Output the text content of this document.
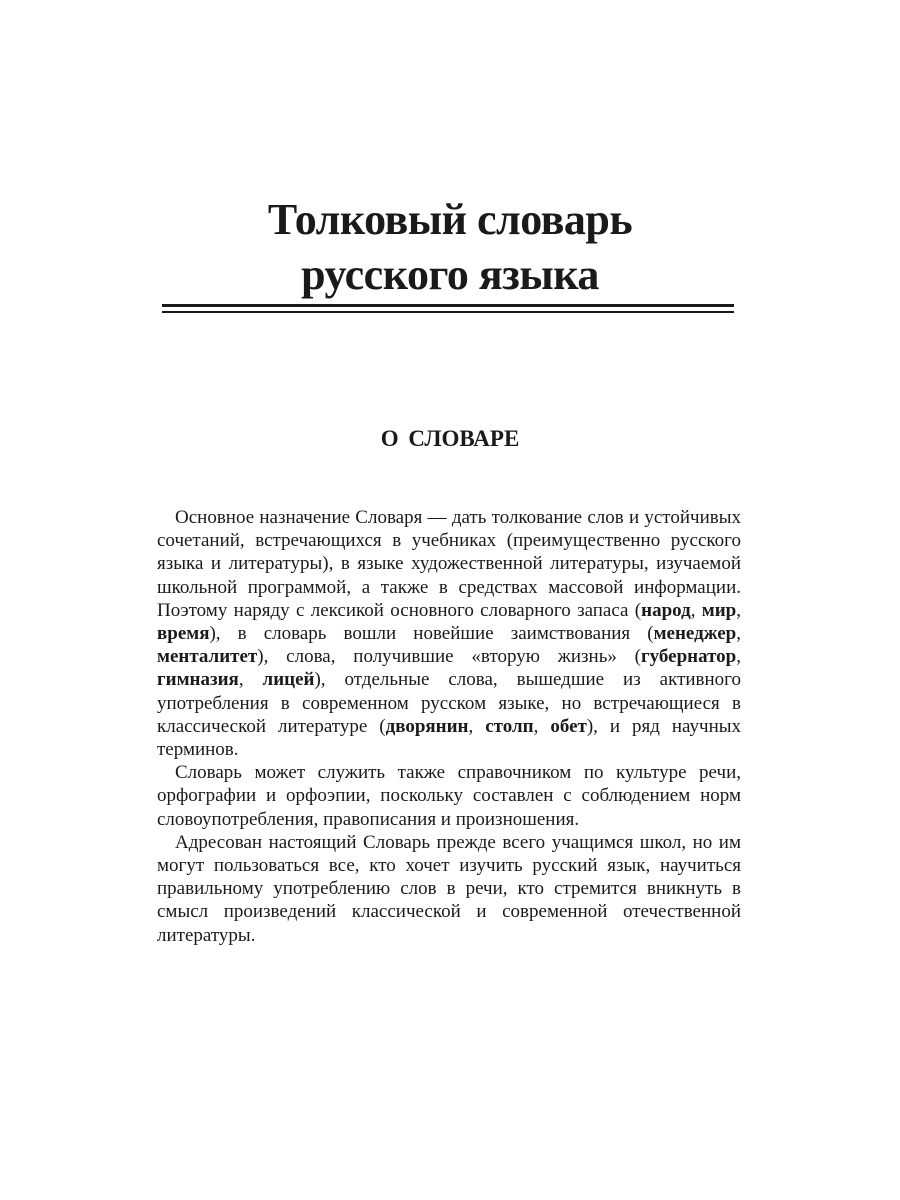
Толковый словарь
русского языка
О СЛОВАРЕ

Основное назначение Словаря — дать толкование слов и устойчивых сочетаний, встречающихся в учебниках (преимущественно русского языка и литературы), в языке художественной литературы, изучаемой школьной программой, а также в средствах массовой информации. Поэтому наряду с лексикой основного словарного запаса (народ, мир, время), в словарь вошли новейшие заимствования (менеджер, менталитет), слова, получившие «вторую жизнь» (губернатор, гимназия, лицей), отдельные слова, вышедшие из активного употребления в современном русском языке, но встречающиеся в классической литературе (дворянин, столп, обет), и ряд научных терминов.

Словарь может служить также справочником по культуре речи, орфографии и орфоэпии, поскольку составлен с соблюдением норм словоупотребления, правописания и произношения.

Адресован настоящий Словарь прежде всего учащимся школ, но им могут пользоваться все, кто хочет изучить русский язык, научиться правильному употреблению слов в речи, кто стремится вникнуть в смысл произведений классической и современной отечественной литературы.
